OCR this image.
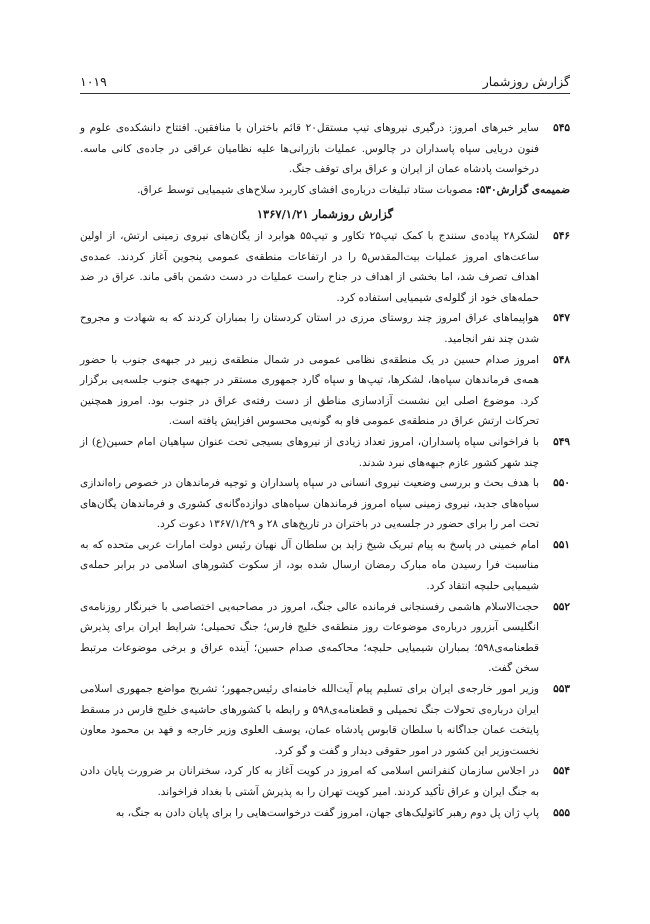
گزارش روزشمار
۱۰۱۹

۵۴۵
سایر خبرهای امروز: درگیری نیروهای تیپ مستقل۲۰ قائم باختران با منافقین. افتتاح دانشکده‌ی علوم و فنون دریایی سپاه پاسداران در چالوس. عملیات بازرانی‌ها علیه نظامیان عراقی در جاده‌ی کانی ماسه. درخواست پادشاه عمان از ایران و عراق برای توقف جنگ.

ضمیمه‌ی گزارش۵۳۰: مصوبات ستاد تبلیغات درباره‌ی افشای کاربرد سلاح‌های شیمیایی توسط عراق.

گزارش روزشمار ۱۳۶۷/۱/۲۱

۵۴۶
لشکر۲۸ پیاده‌ی سنندج با کمک تیپ۲۵ تکاور و تیپ۵۵ هوابرد از یگان‌های نیروی زمینی ارتش، از اولین ساعت‌های امروز عملیات بیت‌المقدس۵ را در ارتفاعات منطقه‌ی عمومی پنجوین آغاز کردند. عمده‌ی اهداف تصرف شد، اما بخشی از اهداف در جناح راست عملیات در دست دشمن باقی ماند. عراق در ضد حمله‌های خود از گلوله‌ی شیمیایی استفاده کرد.

۵۴۷
هواپیماهای عراق امروز چند روستای مرزی در استان کردستان را بمباران کردند که به شهادت و مجروح شدن چند نفر انجامید.

۵۴۸
امروز صدام حسین در یک منطقه‌ی نظامی عمومی در شمال منطقه‌ی زبیر در جبهه‌ی جنوب با حضور همه‌ی فرماندهان سپاه‌ها، لشکرها، تیپ‌ها و سپاه گارد جمهوری مستقر در جبهه‌ی جنوب جلسه‌یی برگزار کرد. موضوع اصلی این نشست آزادسازی مناطق از دست رفته‌ی عراق در جنوب بود. امروز همچنین تحرکات ارتش عراق در منطقه‌ی عمومی فاو به گونه‌یی محسوس افزایش یافته است.

۵۴۹
با فراخوانی سپاه پاسداران، امروز تعداد زیادی از نیروهای بسیجی تحت عنوان سپاهیان امام حسین(ع) از چند شهر کشور عازم جبهه‌های نبرد شدند.

۵۵۰
با هدف بحث و بررسی وضعیت نیروی انسانی در سپاه پاسداران و توجیه فرماندهان در خصوص راه‌اندازی سپاه‌های جدید، نیروی زمینی سپاه امروز فرماندهان سپاه‌های دوازده‌گانه‌ی کشوری و فرماندهان یگان‌های تحت امر را برای حضور در جلسه‌یی در باختران در تاریخ‌های ۲۸ و ۱۳۶۷/۱/۲۹ دعوت کرد.

۵۵۱
امام خمینی در پاسخ به پیام تبریک شیخ زاید بن سلطان آل نهیان رئیس دولت امارات عربی متحده که به مناسبت فرا رسیدن ماه مبارک رمضان ارسال شده بود، از سکوت کشورهای اسلامی در برابر حمله‌ی شیمیایی حلبچه انتقاد کرد.

۵۵۲
حجت‌الاسلام هاشمی رفسنجانی فرمانده عالی جنگ، امروز در مصاحبه‌یی اختصاصی با خبرنگار روزنامه‌ی انگلیسی آبزرور درباره‌ی موضوعات روز منطقه‌ی خلیج فارس؛ جنگ تحمیلی؛ شرایط ایران برای پذیرش قطعنامه‌ی۵۹۸؛ بمباران شیمیایی حلبچه؛ محاکمه‌ی صدام حسین؛ آینده عراق و برخی موضوعات مرتبط سخن گفت.

۵۵۳
وزیر امور خارجه‌ی ایران برای تسلیم پیام آیت‌الله خامنه‌ای رئیس‌جمهور؛ تشریح مواضع جمهوری اسلامی ایران درباره‌ی تحولات جنگ تحمیلی و قطعنامه‌ی۵۹۸ و رابطه با کشورهای حاشیه‌ی خلیج فارس در مسقط پایتخت عمان جداگانه با سلطان قابوس پادشاه عمان، یوسف العلوی وزیر خارجه و فهد بن محمود معاون نخست‌وزیر این کشور در امور حقوقی دیدار و گفت و گو کرد.

۵۵۴
در اجلاس سازمان کنفرانس اسلامی که امروز در کویت آغاز به کار کرد، سخنرانان بر ضرورت پایان دادن به جنگ ایران و عراق تأکید کردند. امیر کویت تهران را به پذیرش آشتی با بغداد فراخواند.

۵۵۵
پاپ ژان پل دوم رهبر کاتولیک‌های جهان، امروز گفت درخواست‌هایی را برای پایان دادن به جنگ، به
